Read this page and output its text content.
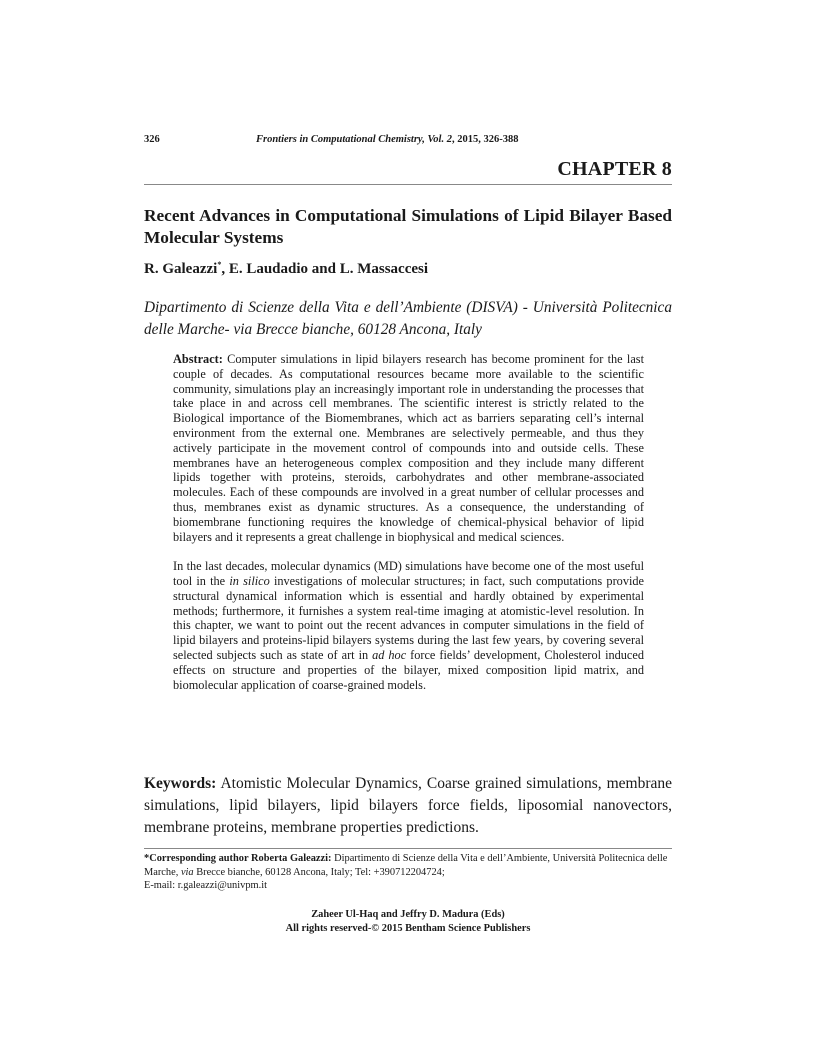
326	Frontiers in Computational Chemistry, Vol. 2, 2015, 326-388
CHAPTER 8
Recent Advances in Computational Simulations of Lipid Bilayer Based Molecular Systems
R. Galeazzi*, E. Laudadio and L. Massaccesi
Dipartimento di Scienze della Vita e dell’Ambiente (DISVA) - Università Politecnica delle Marche- via Brecce bianche, 60128 Ancona, Italy

Abstract: Computer simulations in lipid bilayers research has become prominent for the last couple of decades. As computational resources became more available to the scientific community, simulations play an increasingly important role in understanding the processes that take place in and across cell membranes. The scientific interest is strictly related to the Biological importance of the Biomembranes, which act as barriers separating cell’s internal environment from the external one. Membranes are selectively permeable, and thus they actively participate in the movement control of compounds into and outside cells. These membranes have an heterogeneous complex composition and they include many different lipids together with proteins, steroids, carbohydrates and other membrane-associated molecules. Each of these compounds are involved in a great number of cellular processes and thus, membranes exist as dynamic structures. As a consequence, the understanding of biomembrane functioning requires the knowledge of chemical-physical behavior of lipid bilayers and it represents a great challenge in biophysical and medical sciences.

In the last decades, molecular dynamics (MD) simulations have become one of the most useful tool in the in silico investigations of molecular structures; in fact, such computations provide structural dynamical information which is essential and hardly obtained by experimental methods; furthermore, it furnishes a system real-time imaging at atomistic-level resolution. In this chapter, we want to point out the recent advances in computer simulations in the field of lipid bilayers and proteins-lipid bilayers systems during the last few years, by covering several selected subjects such as state of art in ad hoc force fields’ development, Cholesterol induced effects on structure and properties of the bilayer, mixed composition lipid matrix, and biomolecular application of coarse-grained models.

Keywords: Atomistic Molecular Dynamics, Coarse grained simulations, membrane simulations, lipid bilayers, lipid bilayers force fields, liposomial nanovectors, membrane proteins, membrane properties predictions.

*Corresponding author Roberta Galeazzi: Dipartimento di Scienze della Vita e dell’Ambiente, Università Politecnica delle Marche, via Brecce bianche, 60128 Ancona, Italy; Tel: +390712204724;

E-mail: r.galeazzi@univpm.it

Zaheer Ul-Haq and Jeffry D. Madura (Eds)
All rights reserved-© 2015 Bentham Science Publishers
